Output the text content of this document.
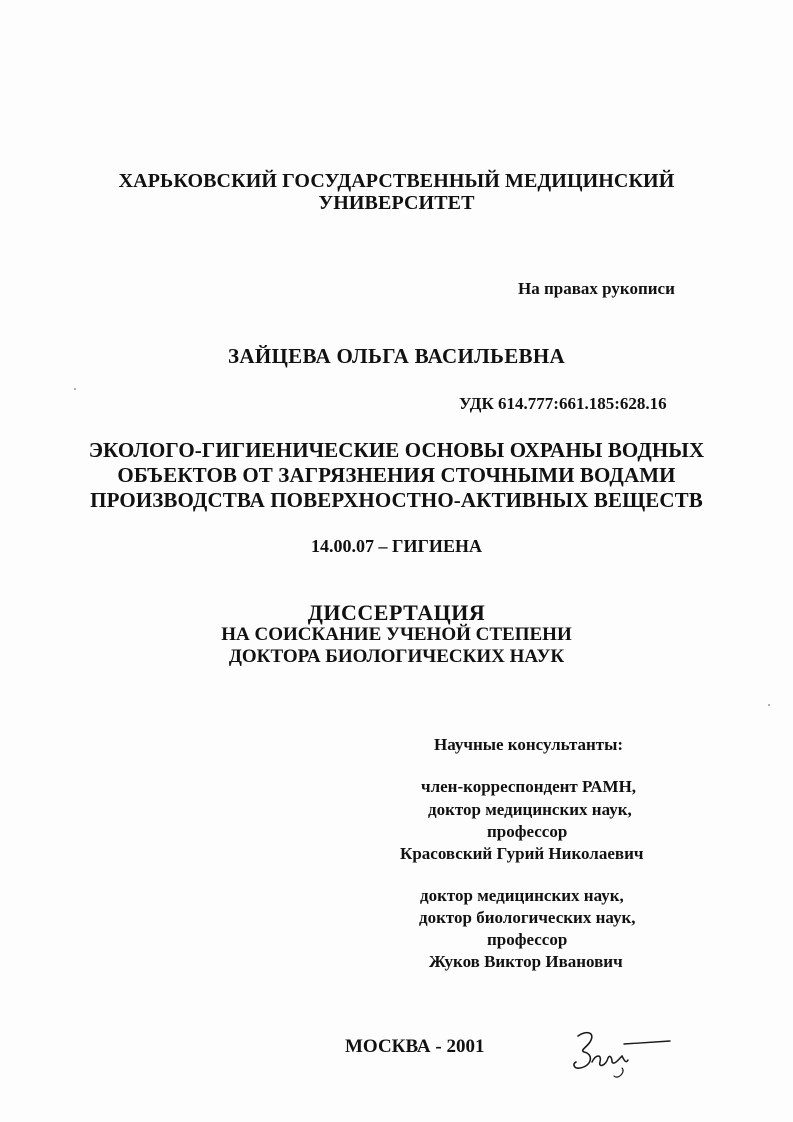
ХАРЬКОВСКИЙ ГОСУДАРСТВЕННЫЙ МЕДИЦИНСКИЙ
УНИВЕРСИТЕТ
На правах рукописи
ЗАЙЦЕВА ОЛЬГА ВАСИЛЬЕВНА
УДК 614.777:661.185:628.16
ЭКОЛОГО-ГИГИЕНИЧЕСКИЕ ОСНОВЫ ОХРАНЫ ВОДНЫХ
ОБЪЕКТОВ ОТ ЗАГРЯЗНЕНИЯ СТОЧНЫМИ ВОДАМИ
ПРОИЗВОДСТВА ПОВЕРХНОСТНО-АКТИВНЫХ ВЕЩЕСТВ
14.00.07 – ГИГИЕНА
ДИССЕРТАЦИЯ
НА СОИСКАНИЕ УЧЕНОЙ СТЕПЕНИ
ДОКТОРА БИОЛОГИЧЕСКИХ НАУК
Научные консультанты:
член-корреспондент РАМН,
доктор медицинских наук,
профессор
Красовский Гурий Николаевич
доктор медицинских наук,
доктор биологических наук,
профессор
Жуков Виктор Иванович
МОСКВА - 2001
